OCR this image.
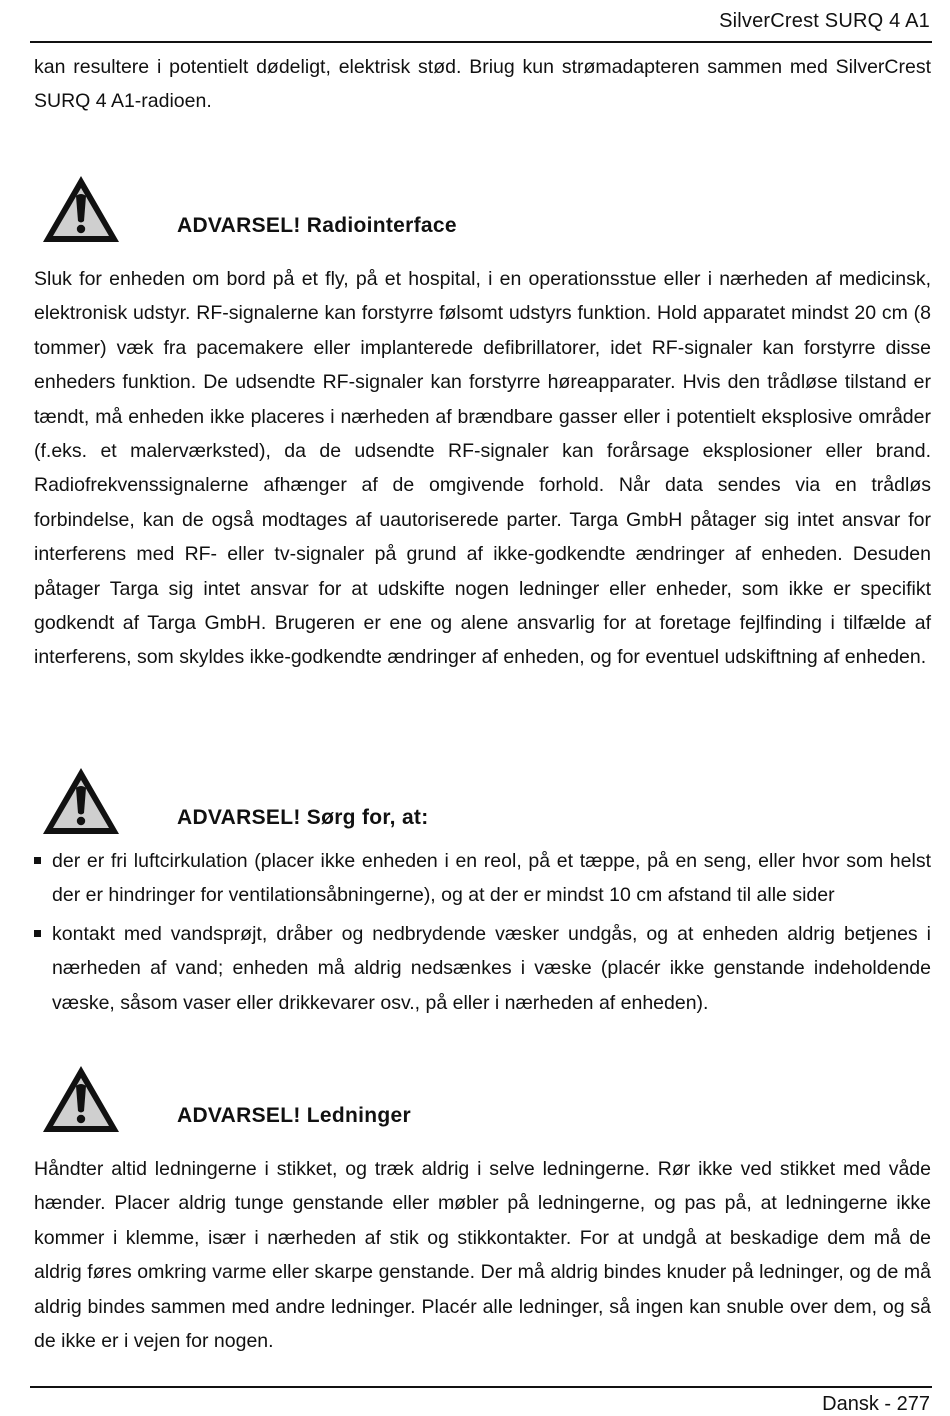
SilverCrest SURQ 4 A1

kan resultere i potentielt dødeligt, elektrisk stød. Briug kun strømadapteren sammen med SilverCrest SURQ 4 A1-radioen.

ADVARSEL! Radiointerface

Sluk for enheden om bord på et fly, på et hospital, i en operationsstue eller i nærheden af medicinsk, elektronisk udstyr. RF-signalerne kan forstyrre følsomt udstyrs funktion. Hold apparatet mindst 20 cm (8 tommer) væk fra pacemakere eller implanterede defibrillatorer, idet RF-signaler kan forstyrre disse enheders funktion. De udsendte RF-signaler kan forstyrre høreapparater. Hvis den trådløse tilstand er tændt, må enheden ikke placeres i nærheden af brændbare gasser eller i potentielt eksplosive områder (f.eks. et malerværksted), da de udsendte RF-signaler kan forårsage eksplosioner eller brand. Radiofrekvenssignalerne afhænger af de omgivende forhold. Når data sendes via en trådløs forbindelse, kan de også modtages af uautoriserede parter. Targa GmbH påtager sig intet ansvar for interferens med RF- eller tv-signaler på grund af ikke-godkendte ændringer af enheden. Desuden påtager Targa sig intet ansvar for at udskifte nogen ledninger eller enheder, som ikke er specifikt godkendt af Targa GmbH. Brugeren er ene og alene ansvarlig for at foretage fejlfinding i tilfælde af interferens, som skyldes ikke-godkendte ændringer af enheden, og for eventuel udskiftning af enheden.

ADVARSEL! Sørg for, at:
der er fri luftcirkulation (placer ikke enheden i en reol, på et tæppe, på en seng, eller hvor som helst der er hindringer for ventilationsåbningerne), og at der er mindst 10 cm afstand til alle sider
kontakt med vandsprøjt, dråber og nedbrydende væsker undgås, og at enheden aldrig betjenes i nærheden af vand; enheden må aldrig nedsænkes i væske (placér ikke genstande indeholdende væske, såsom vaser eller drikkevarer osv., på eller i nærheden af enheden).
ADVARSEL! Ledninger

Håndter altid ledningerne i stikket, og træk aldrig i selve ledningerne. Rør ikke ved stikket med våde hænder. Placer aldrig tunge genstande eller møbler på ledningerne, og pas på, at ledningerne ikke kommer i klemme, især i nærheden af stik og stikkontakter. For at undgå at beskadige dem må de aldrig føres omkring varme eller skarpe genstande. Der må aldrig bindes knuder på ledninger, og de må aldrig bindes sammen med andre ledninger. Placér alle ledninger, så ingen kan snuble over dem, og så de ikke er i vejen for nogen.

Dansk - 277
